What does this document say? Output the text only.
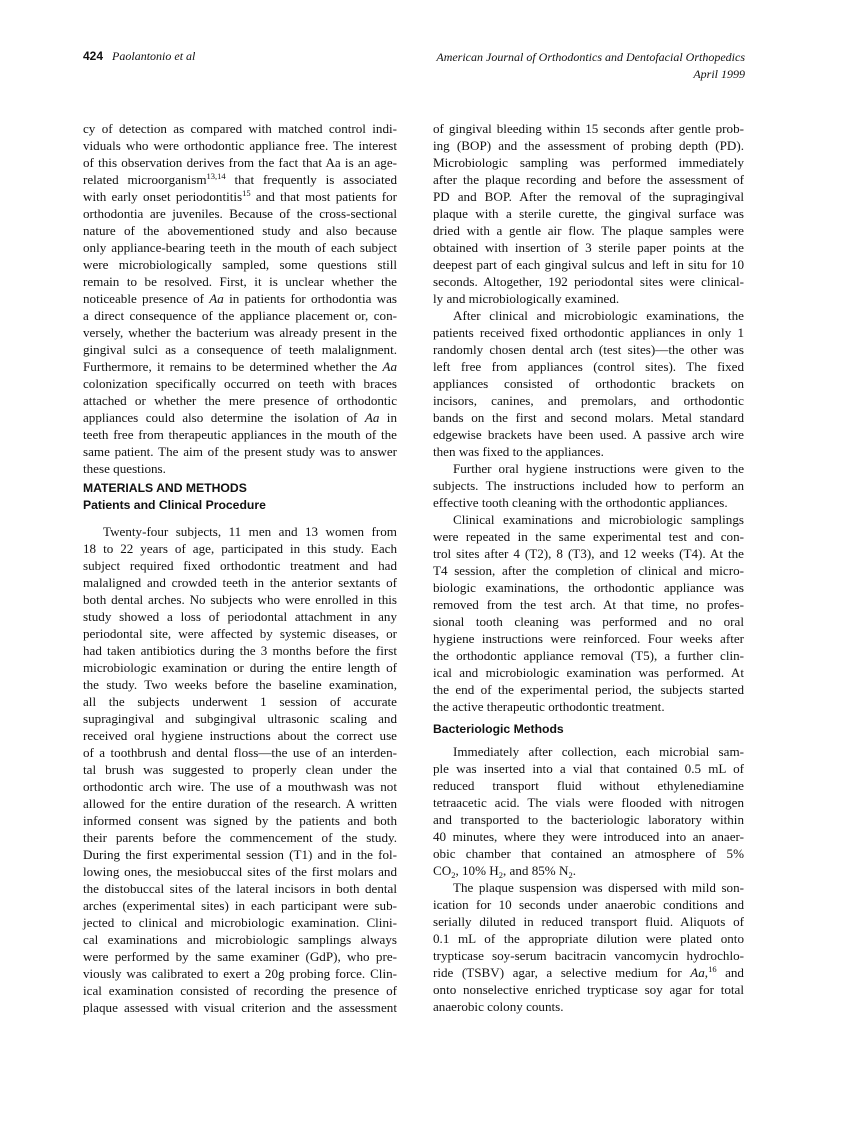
424 Paolantonio et al	American Journal of Orthodontics and Dentofacial Orthopedics
April 1999
cy of detection as compared with matched control indi-
viduals who were orthodontic appliance free. The interest
of this observation derives from the fact that Aa is an age-
related microorganism$^{13,14}$ that frequently is associated
with early onset periodontitis$^{15}$ and that most patients for
orthodontia are juveniles. Because of the cross-sectional
nature of the abovementioned study and also because
only appliance-bearing teeth in the mouth of each subject
were microbiologically sampled, some questions still
remain to be resolved. First, it is unclear whether the
noticeable presence of Aa in patients for orthodontia was
a direct consequence of the appliance placement or, con-
versely, whether the bacterium was already present in the
gingival sulci as a consequence of teeth malalignment.
Furthermore, it remains to be determined whether the Aa
colonization specifically occurred on teeth with braces
attached or whether the mere presence of orthodontic
appliances could also determine the isolation of Aa in
teeth free from therapeutic appliances in the mouth of the
same patient. The aim of the present study was to answer
these questions.
MATERIALS AND METHODS
Patients and Clinical Procedure
Twenty-four subjects, 11 men and 13 women from
18 to 22 years of age, participated in this study. Each
subject required fixed orthodontic treatment and had
malaligned and crowded teeth in the anterior sextants of
both dental arches. No subjects who were enrolled in this
study showed a loss of periodontal attachment in any
periodontal site, were affected by systemic diseases, or
had taken antibiotics during the 3 months before the first
microbiologic examination or during the entire length of
the study. Two weeks before the baseline examination,
all the subjects underwent 1 session of accurate
supragingival and subgingival ultrasonic scaling and
received oral hygiene instructions about the correct use
of a toothbrush and dental floss—the use of an interden-
tal brush was suggested to properly clean under the
orthodontic arch wire. The use of a mouthwash was not
allowed for the entire duration of the research. A written
informed consent was signed by the patients and both
their parents before the commencement of the study.
During the first experimental session (T1) and in the fol-
lowing ones, the mesiobuccal sites of the first molars and
the distobuccal sites of the lateral incisors in both dental
arches (experimental sites) in each participant were sub-
jected to clinical and microbiologic examination. Clini-
cal examinations and microbiologic samplings always
were performed by the same examiner (GdP), who pre-
viously was calibrated to exert a 20g probing force. Clin-
ical examination consisted of recording the presence of
plaque assessed with visual criterion and the assessment
of gingival bleeding within 15 seconds after gentle prob-
ing (BOP) and the assessment of probing depth (PD).
Microbiologic sampling was performed immediately
after the plaque recording and before the assessment of
PD and BOP. After the removal of the supragingival
plaque with a sterile curette, the gingival surface was
dried with a gentle air flow. The plaque samples were
obtained with insertion of 3 sterile paper points at the
deepest part of each gingival sulcus and left in situ for 10
seconds. Altogether, 192 periodontal sites were clinical-
ly and microbiologically examined.
After clinical and microbiologic examinations, the
patients received fixed orthodontic appliances in only 1
randomly chosen dental arch (test sites)—the other was
left free from appliances (control sites). The fixed
appliances consisted of orthodontic brackets on
incisors, canines, and premolars, and orthodontic
bands on the first and second molars. Metal standard
edgewise brackets have been used. A passive arch wire
then was fixed to the appliances.
Further oral hygiene instructions were given to the
subjects. The instructions included how to perform an
effective tooth cleaning with the orthodontic appliances.
Clinical examinations and microbiologic samplings
were repeated in the same experimental test and con-
trol sites after 4 (T2), 8 (T3), and 12 weeks (T4). At the
T4 session, after the completion of clinical and micro-
biologic examinations, the orthodontic appliance was
removed from the test arch. At that time, no profes-
sional tooth cleaning was performed and no oral
hygiene instructions were reinforced. Four weeks after
the orthodontic appliance removal (T5), a further clin-
ical and microbiologic examination was performed. At
the end of the experimental period, the subjects started
the active therapeutic orthodontic treatment.
Bacteriologic Methods
Immediately after collection, each microbial sam-
ple was inserted into a vial that contained 0.5 mL of
reduced transport fluid without ethylenediamine
tetraacetic acid. The vials were flooded with nitrogen
and transported to the bacteriologic laboratory within
40 minutes, where they were introduced into an anaer-
obic chamber that contained an atmosphere of 5%
$CO_2$, 10% $H_2$, and 85% $N_2$.
The plaque suspension was dispersed with mild son-
ication for 10 seconds under anaerobic conditions and
serially diluted in reduced transport fluid. Aliquots of
0.1 mL of the appropriate dilution were plated onto
trypticase soy-serum bacitracin vancomycin hydrochlo-
ride (TSBV) agar, a selective medium for Aa,$^{16}$ and
onto nonselective enriched trypticase soy agar for total
anaerobic colony counts.
